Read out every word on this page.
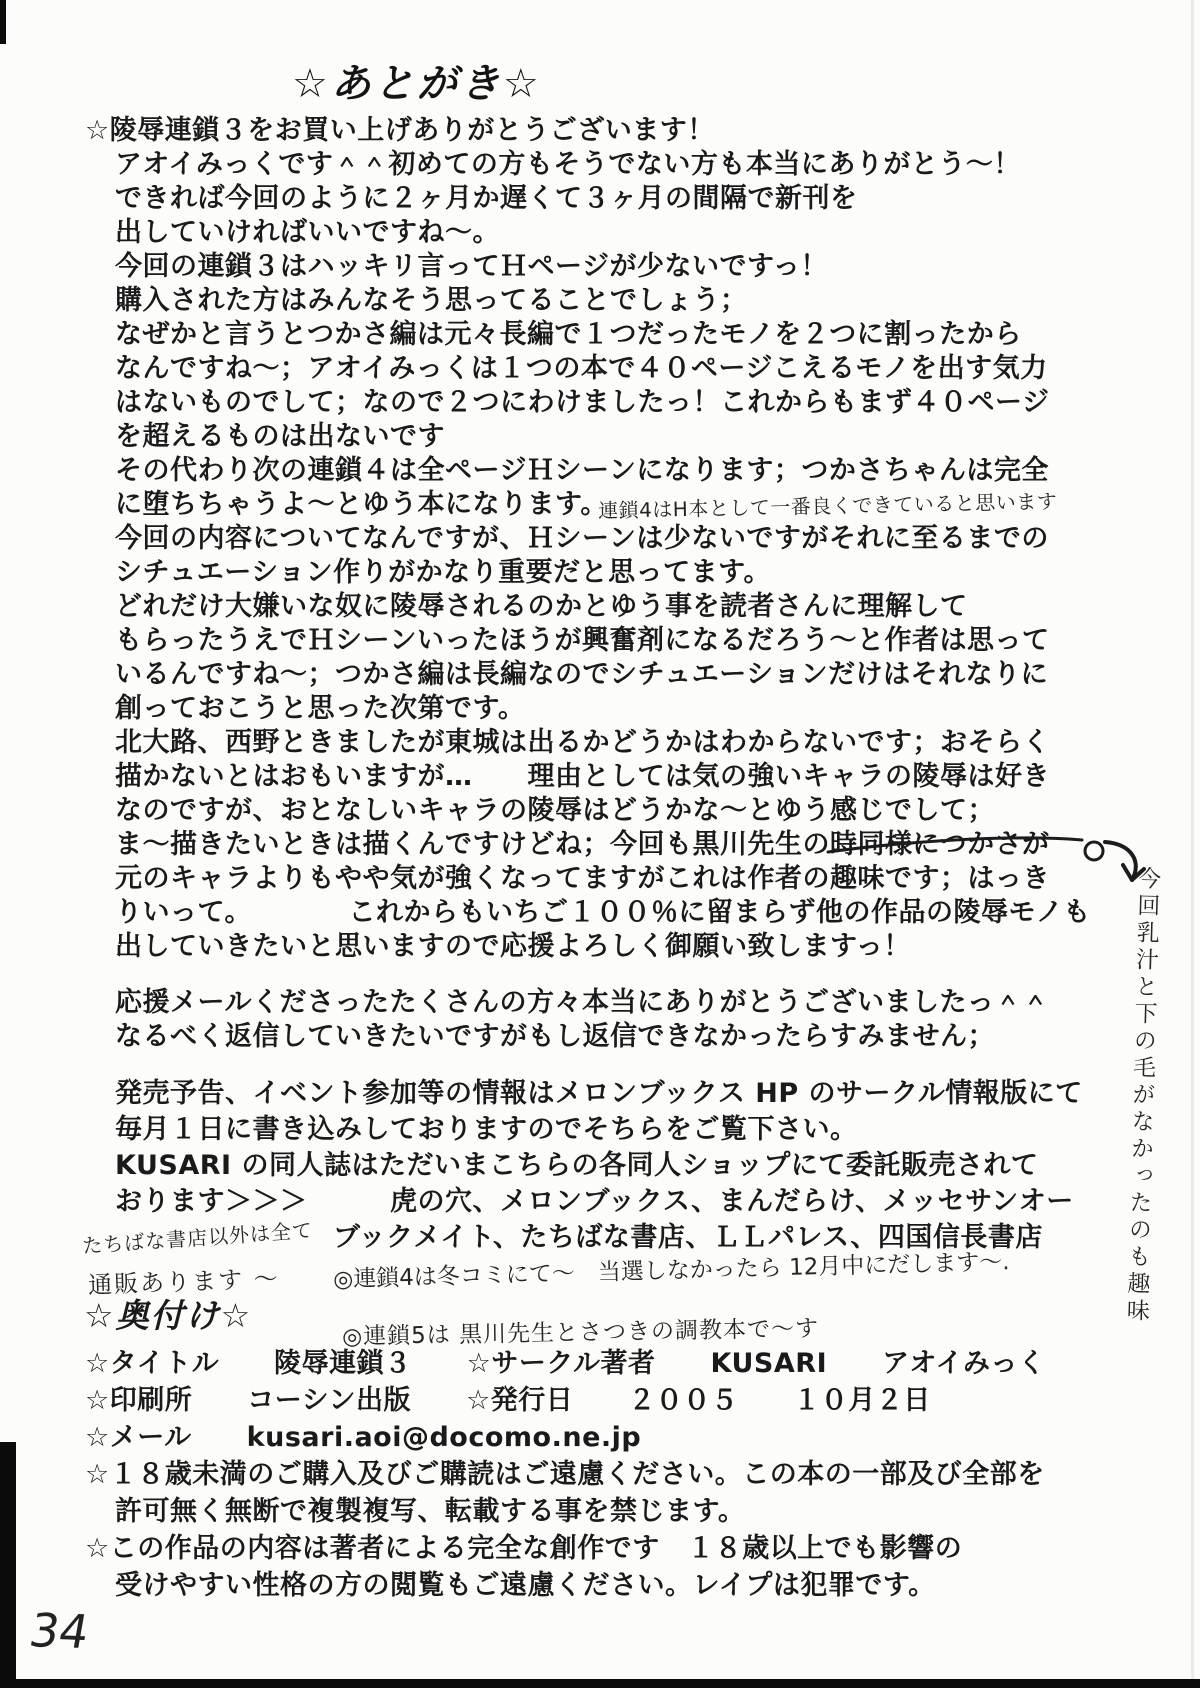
☆あとがき☆
☆陵辱連鎖３をお買い上げありがとうございます！
アオイみっくです＾＾初めての方もそうでない方も本当にありがとう～！
できれば今回のように２ヶ月か遅くて３ヶ月の間隔で新刊を
出していければいいですね～。
今回の連鎖３はハッキリ言ってＨページが少ないですっ！
購入された方はみんなそう思ってることでしょう；
なぜかと言うとつかさ編は元々長編で１つだったモノを２つに割ったから
なんですね～；アオイみっくは１つの本で４０ページこえるモノを出す気力
はないものでして；なので２つにわけましたっ！これからもまず４０ページ
を超えるものは出ないです
その代わり次の連鎖４は全ページＨシーンになります；つかさちゃんは完全
に堕ちちゃうよ～とゆう本になります。
今回の内容についてなんですが、Ｈシーンは少ないですがそれに至るまでの
シチュエーション作りがかなり重要だと思ってます。
どれだけ大嫌いな奴に陵辱されるのかとゆう事を読者さんに理解して
もらったうえでＨシーンいったほうが興奮剤になるだろう～と作者は思って
いるんですね～；つかさ編は長編なのでシチュエーションだけはそれなりに
創っておこうと思った次第です。
北大路、西野ときましたが東城は出るかどうかはわからないです；おそらく
描かないとはおもいますが…　　理由としては気の強いキャラの陵辱は好き
なのですが、おとなしいキャラの陵辱はどうかな～とゆう感じでして；
ま～描きたいときは描くんですけどね；今回も黒川先生の時同様につかさが
元のキャラよりもやや気が強くなってますがこれは作者の趣味です；はっき
りいって。　　　　これからもいちご１００％に留まらず他の作品の陵辱モノも
出していきたいと思いますので応援よろしく御願い致しますっ！
連鎖4はH本として一番良くできていると思います
応援メールくださったたくさんの方々本当にありがとうございましたっ＾＾
なるべく返信していきたいですがもし返信できなかったらすみません；
発売予告、イベント参加等の情報はメロンブックス HP のサークル情報版にて
毎月１日に書き込みしておりますのでそちらをご覧下さい。
KUSARI の同人誌はただいまこちらの各同人ショップにて委託販売されて
おります＞＞＞　　　虎の穴、メロンブックス、まんだらけ、メッセサンオー
ブックメイト、たちばな書店、ＬＬパレス、四国信長書店
たちばな書店以外は全て
通販あります ～ ◎連鎖4は冬コミにて～　当選しなかったら 12月中にだします～.
◎連鎖5は 黒川先生とさつきの調教本で～す
☆奥付け☆
☆タイトル　　陵辱連鎖３　　☆サークル著者　　KUSARI　　アオイみっく
☆印刷所　　コーシン出版　　☆発行日　　２００５　　１０月２日
☆メール　　kusari.aoi@docomo.ne.jp
☆１８歳未満のご購入及びご購読はご遠慮ください。この本の一部及び全部を
許可無く無断で複製複写、転載する事を禁じます。
☆この作品の内容は著者による完全な創作です　１８歳以上でも影響の
受けやすい性格の方の閲覧もご遠慮ください。レイプは犯罪です。
今回乳汁と下の毛がなかったのも趣味
34
